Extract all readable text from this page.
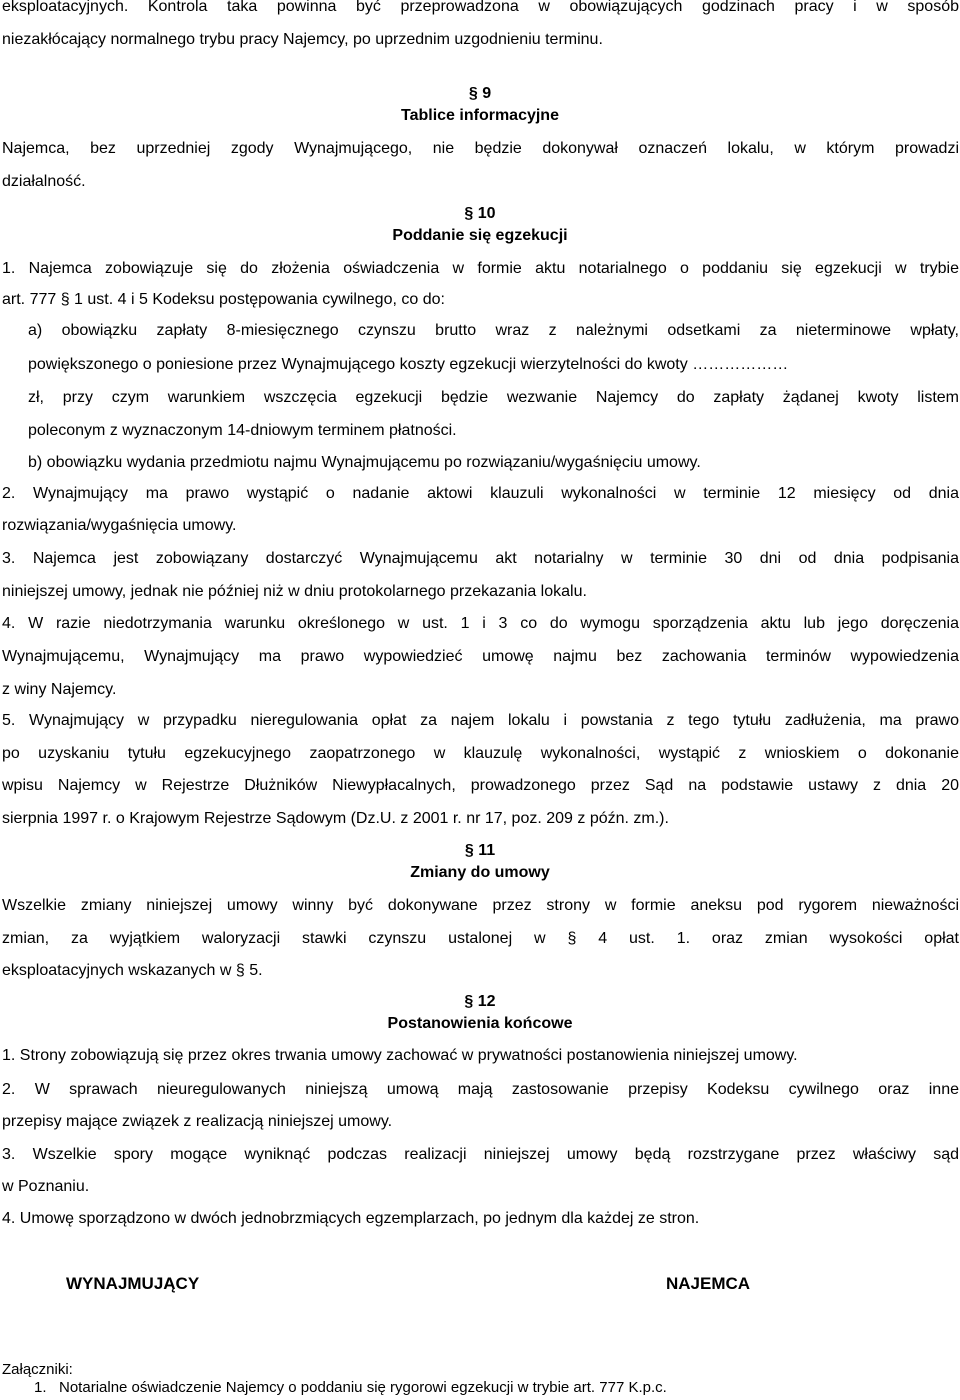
eksploatacyjnych. Kontrola taka powinna być przeprowadzona w obowiązujących godzinach pracy i w sposób
niezakłócający normalnego trybu pracy Najemcy, po uprzednim uzgodnieniu terminu.
§ 9
Tablice informacyjne
Najemca, bez uprzedniej zgody Wynajmującego, nie będzie dokonywał oznaczeń lokalu, w którym prowadzi
działalność.
§ 10
Poddanie się egzekucji
1. Najemca zobowiązuje się do złożenia oświadczenia w formie aktu notarialnego o poddaniu się egzekucji w trybie
art. 777 § 1 ust. 4 i 5 Kodeksu postępowania cywilnego, co do:
a) obowiązku zapłaty 8-miesięcznego czynszu brutto wraz z należnymi odsetkami za nieterminowe wpłaty,
powiększonego o poniesione przez Wynajmującego koszty egzekucji wierzytelności do kwoty ………………
zł, przy czym warunkiem wszczęcia egzekucji będzie wezwanie Najemcy do zapłaty żądanej kwoty listem
poleconym z wyznaczonym 14-dniowym terminem płatności.
b) obowiązku wydania przedmiotu najmu Wynajmującemu po rozwiązaniu/wygaśnięciu umowy.
2. Wynajmujący ma prawo wystąpić o nadanie aktowi klauzuli wykonalności w terminie 12 miesięcy od dnia
rozwiązania/wygaśnięcia umowy.
3. Najemca jest zobowiązany dostarczyć Wynajmującemu akt notarialny w terminie 30 dni od dnia podpisania
niniejszej umowy, jednak nie później niż w dniu protokolarnego przekazania lokalu.
4. W razie niedotrzymania warunku określonego w ust. 1 i 3 co do wymogu sporządzenia aktu lub jego doręczenia
Wynajmującemu, Wynajmujący ma prawo wypowiedzieć umowę najmu bez zachowania terminów wypowiedzenia
z winy Najemcy.
5. Wynajmujący w przypadku nieregulowania opłat za najem lokalu i powstania z tego tytułu zadłużenia, ma prawo
po uzyskaniu tytułu egzekucyjnego zaopatrzonego w klauzulę wykonalności, wystąpić z wnioskiem o dokonanie
wpisu Najemcy w Rejestrze Dłużników Niewypłacalnych, prowadzonego przez Sąd na podstawie ustawy z dnia 20
sierpnia 1997 r. o Krajowym Rejestrze Sądowym (Dz.U. z 2001 r. nr 17, poz. 209 z późn. zm.).
§ 11
Zmiany do umowy
Wszelkie zmiany niniejszej umowy winny być dokonywane przez strony w formie aneksu pod rygorem nieważności
zmian, za wyjątkiem waloryzacji stawki czynszu ustalonej w § 4 ust. 1. oraz zmian wysokości opłat
eksploatacyjnych wskazanych w § 5.
§ 12
Postanowienia końcowe
1. Strony zobowiązują się przez okres trwania umowy zachować w prywatności postanowienia niniejszej umowy.
2. W sprawach nieuregulowanych niniejszą umową mają zastosowanie przepisy Kodeksu cywilnego oraz inne
przepisy mające związek z realizacją niniejszej umowy.
3. Wszelkie spory mogące wyniknąć podczas realizacji niniejszej umowy będą rozstrzygane przez właściwy sąd
w Poznaniu.
4. Umowę sporządzono w dwóch jednobrzmiących egzemplarzach, po jednym dla każdej ze stron.
WYNAJMUJĄCY	NAJEMCA
Załączniki:
1.   Notarialne oświadczenie Najemcy o poddaniu się rygorowi egzekucji w trybie art. 777 K.p.c.
